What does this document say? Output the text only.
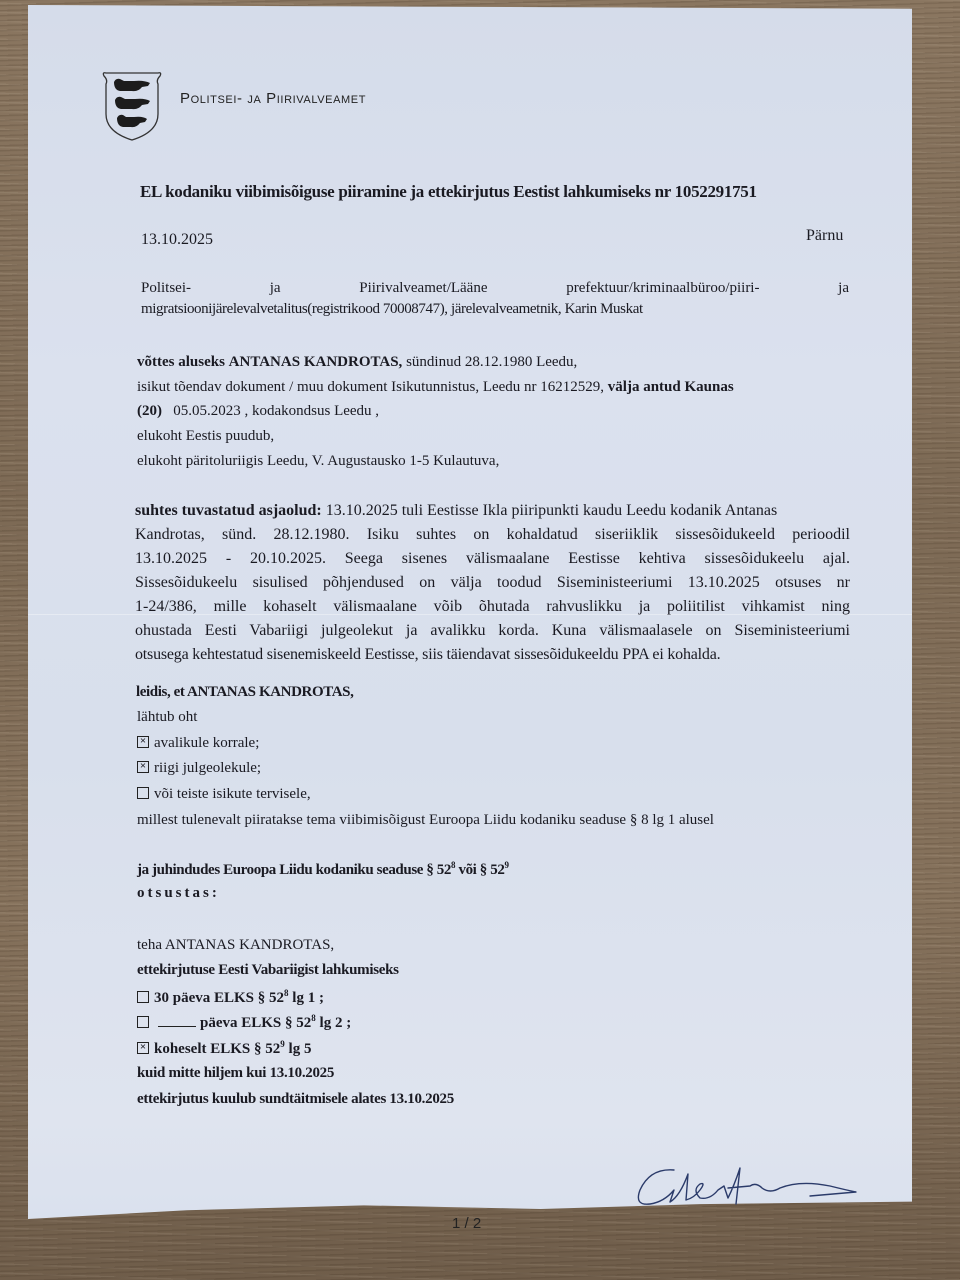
Politsei- ja Piirivalveamet
EL kodaniku viibimisõiguse piiramine ja ettekirjutus Eestist lahkumiseks nr 1052291751
13.10.2025	Pärnu
Politsei- ja Piirivalveamet/Lääne prefektuur/kriminaalbüroo/piiri- ja
migratsioonijärelevalvetalitus(registrikood 70008747), järelevalveametnik, Karin Muskat
võttes aluseks ANTANAS KANDROTAS, sündinud 28.12.1980 Leedu,
isikut tõendav dokument / muu dokument Isikutunnistus, Leedu nr 16212529, välja antud Kaunas
(20)   05.05.2023 , kodakondsus Leedu ,
elukoht Eestis puudub,
elukoht päritoluriigis Leedu, V. Augustausko 1-5 Kulautuva,
suhtes tuvastatud asjaolud: 13.10.2025 tuli Eestisse Ikla piiripunkti kaudu Leedu kodanik Antanas
Kandrotas, sünd. 28.12.1980. Isiku suhtes on kohaldatud siseriiklik sissesõidukeeld perioodil
13.10.2025 - 20.10.2025. Seega sisenes välismaalane Eestisse kehtiva sissesõidukeelu ajal.
Sissesõidukeelu sisulised põhjendused on välja toodud Siseministeeriumi 13.10.2025 otsuses nr
1-24/386, mille kohaselt välismaalane võib õhutada rahvuslikku ja poliitilist vihkamist ning
ohustada Eesti Vabariigi julgeolekut ja avalikku korda. Kuna välismaalasele on Siseministeeriumi
otsusega kehtestatud sisenemiskeeld Eestisse, siis täiendavat sissesõidukeeldu PPA ei kohalda.
leidis, et ANTANAS KANDROTAS,
lähtub oht
×avalikule korrale;
×riigi julgeolekule;
või teiste isikute tervisele,
millest tulenevalt piiratakse tema viibimisõigust Euroopa Liidu kodaniku seaduse § 8 lg 1 alusel
ja juhindudes Euroopa Liidu kodaniku seaduse § $52^8$ või § $52^9$
otsustas:
teha ANTANAS KANDROTAS,
ettekirjutuse Eesti Vabariigist lahkumiseks
30 päeva ELKS § $52^8$ lg 1 ;
päeva ELKS § $52^8$ lg 2 ;
×koheselt ELKS § $52^9$ lg 5
kuid mitte hiljem kui 13.10.2025
ettekirjutus kuulub sundtäitmisele alates 13.10.2025
1 / 2
